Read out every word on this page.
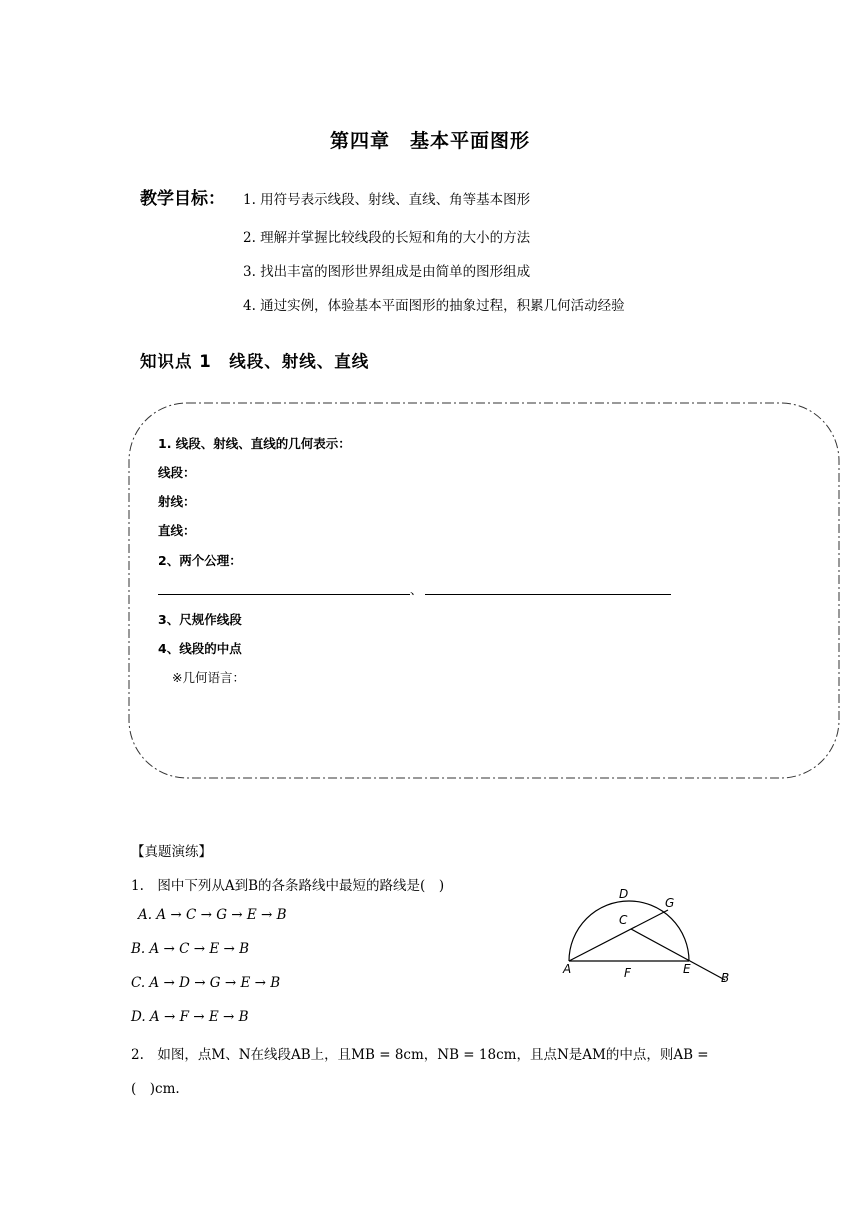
第四章　基本平面图形
教学目标： 1. 用符号表示线段、射线、直线、角等基本图形
2. 理解并掌握比较线段的长短和角的大小的方法
3. 找出丰富的图形世界组成是由简单的图形组成
4. 通过实例，体验基本平面图形的抽象过程，积累几何活动经验
知识点 1　线段、射线、直线
1. 线段、射线、直线的几何表示：
线段：
射线：
直线：
2、两个公理：
、
3、尺规作线段
4、线段的中点
※几何语言：
【真题演练】
1.　图中下列从A到B的各条路线中最短的路线是(　)
A. A → C → G → E → B
B. A → C → E → B
C. A → D → G → E → B
D. A → F → E → B
2.　如图，点M、N在线段AB上，且MB = 8cm，NB = 18cm，且点N是AM的中点，则AB =
(　)cm.
A
B
C
D
E
F
G
